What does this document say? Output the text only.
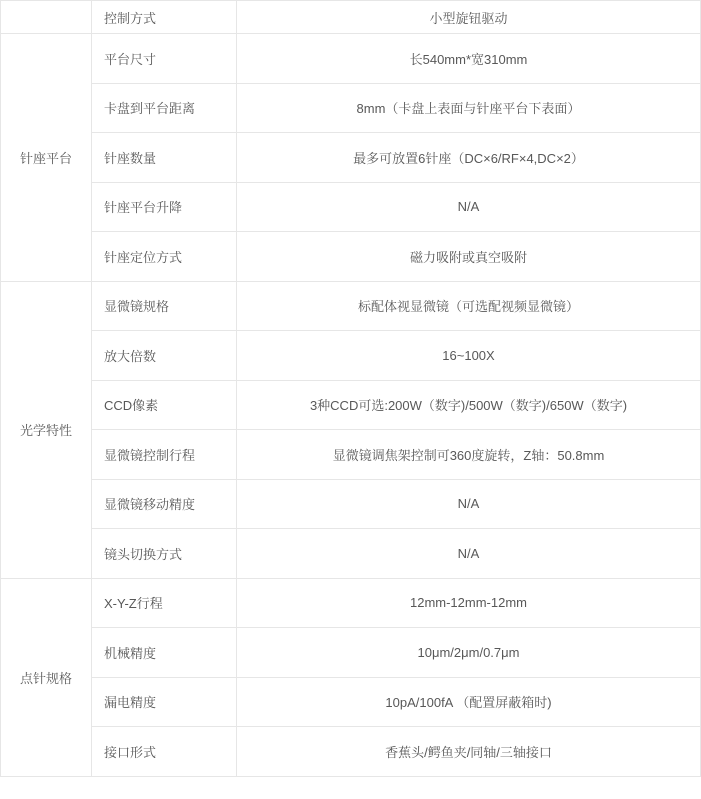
	控制方式	小型旋钮驱动
针座平台	平台尺寸	长540mm*宽310mm
	卡盘到平台距离	8mm（卡盘上表面与针座平台下表面）
	针座数量	最多可放置6针座（DC×6/RF×4,DC×2）
	针座平台升降	N/A
	针座定位方式	磁力吸附或真空吸附
光学特性	显微镜规格	标配体视显微镜（可选配视频显微镜）
	放大倍数	16~100X
	CCD像素	3种CCD可选:200W（数字)/500W（数字)/650W（数字)
	显微镜控制行程	显微镜调焦架控制可360度旋转，Z轴：50.8mm
	显微镜移动精度	N/A
	镜头切换方式	N/A
点针规格	X-Y-Z行程	12mm-12mm-12mm
	机械精度	10μm/2μm/0.7μm
	漏电精度	10pA/100fA （配置屏蔽箱时)
	接口形式	香蕉头/鳄鱼夹/同轴/三轴接口
